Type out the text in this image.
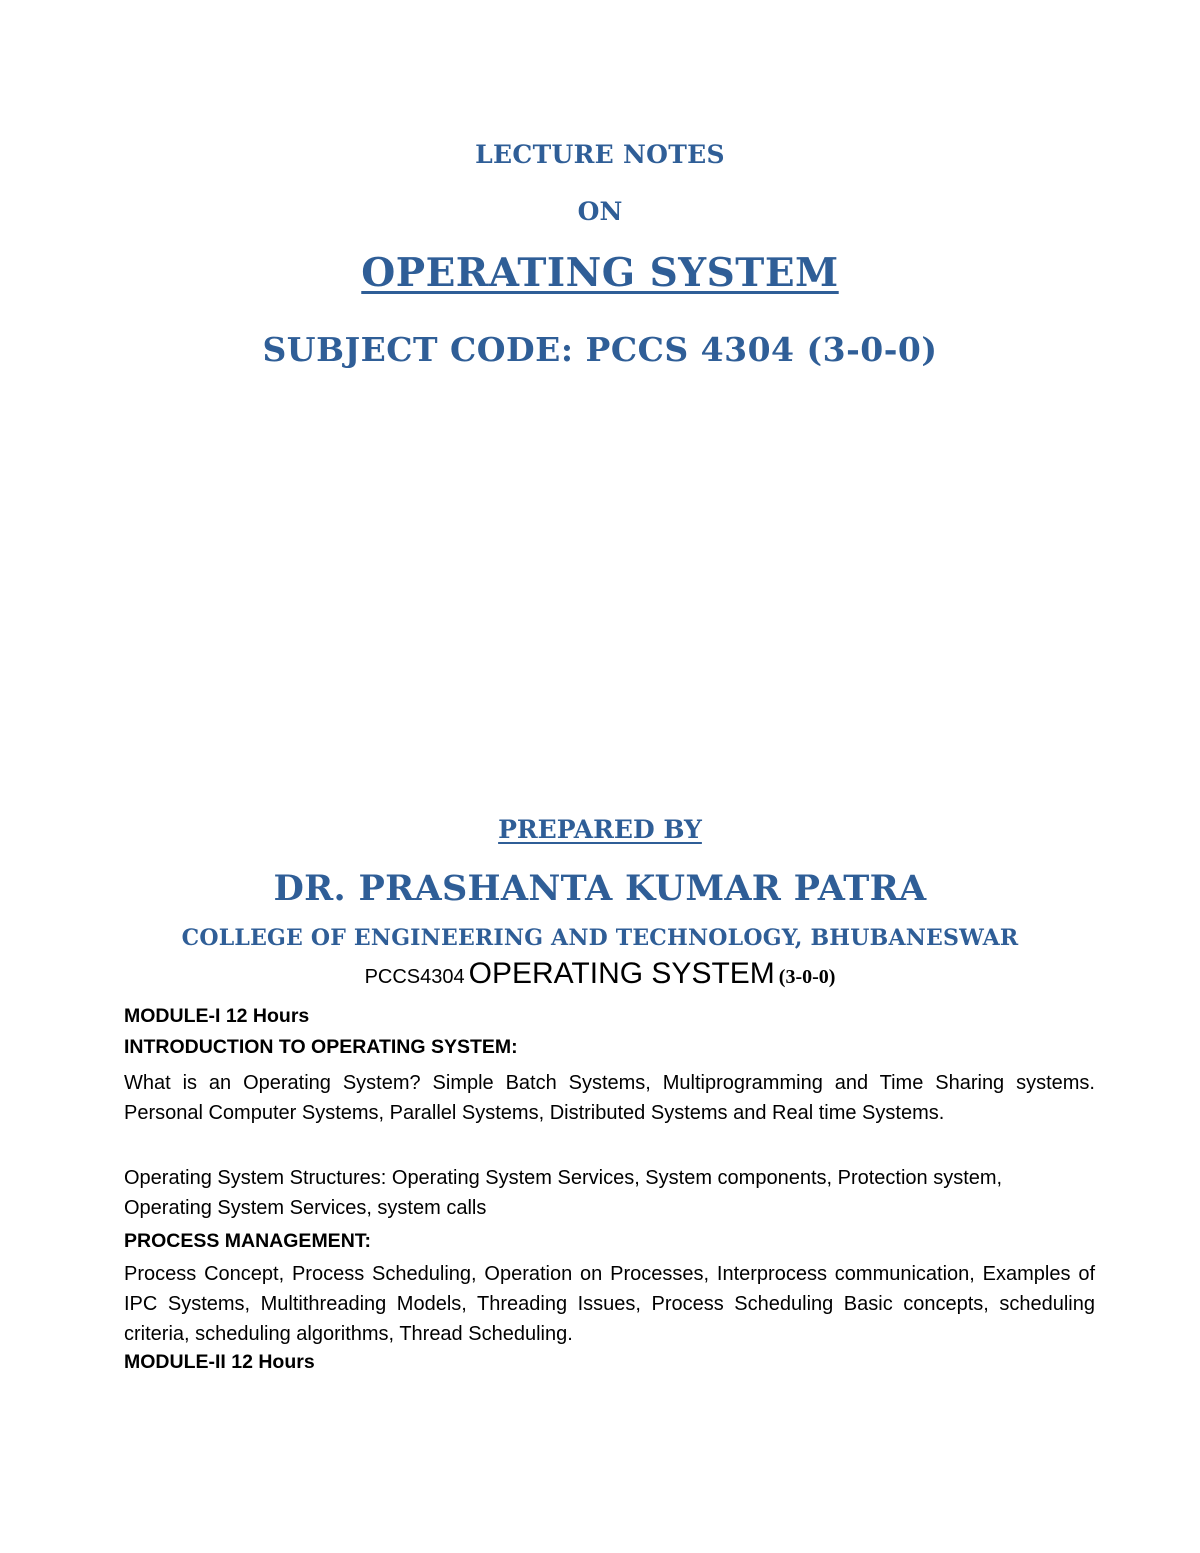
LECTURE NOTES
ON
OPERATING SYSTEM
SUBJECT CODE: PCCS 4304 (3-0-0)
PREPARED BY
DR. PRASHANTA KUMAR PATRA
COLLEGE OF ENGINEERING AND TECHNOLOGY, BHUBANESWAR
PCCS4304 OPERATING SYSTEM (3-0-0)
MODULE-I 12 Hours
INTRODUCTION TO OPERATING SYSTEM:

What is an Operating System? Simple Batch Systems, Multiprogramming and Time Sharing systems. Personal Computer Systems, Parallel Systems, Distributed Systems and Real time Systems.

Operating System Structures: Operating System Services, System components, Protection system, Operating System Services, system calls

PROCESS MANAGEMENT:

Process Concept, Process Scheduling, Operation on Processes, Interprocess communication, Examples of IPC Systems, Multithreading Models, Threading Issues, Process Scheduling Basic concepts, scheduling criteria, scheduling algorithms, Thread Scheduling.

MODULE-II 12 Hours
